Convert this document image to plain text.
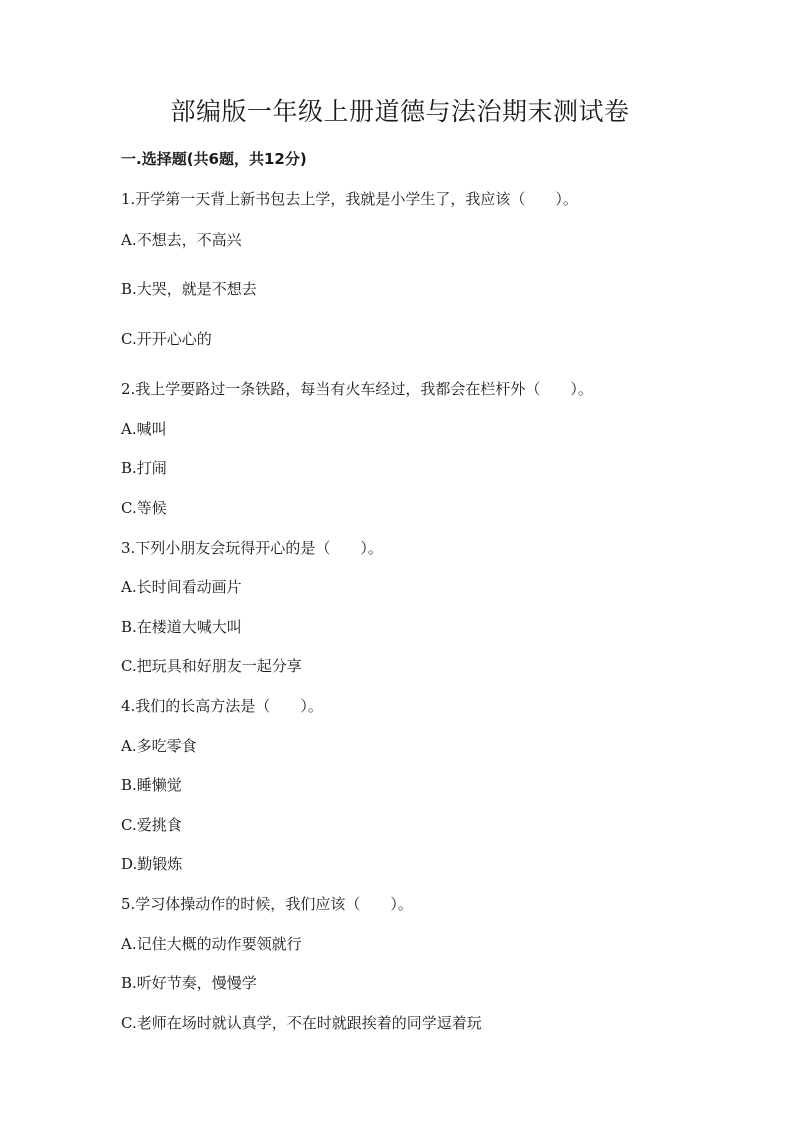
部编版一年级上册道德与法治期末测试卷
一.选择题(共6题，共12分)
1.开学第一天背上新书包去上学，我就是小学生了，我应该（　　）。
A.不想去，不高兴
B.大哭，就是不想去
C.开开心心的
2.我上学要路过一条铁路，每当有火车经过，我都会在栏杆外（　　）。
A.喊叫
B.打闹
C.等候
3.下列小朋友会玩得开心的是（　　）。
A.长时间看动画片
B.在楼道大喊大叫
C.把玩具和好朋友一起分享
4.我们的长高方法是（　　）。
A.多吃零食
B.睡懒觉
C.爱挑食
D.勤锻炼
5.学习体操动作的时候，我们应该（　　）。
A.记住大概的动作要领就行
B.听好节奏，慢慢学
C.老师在场时就认真学，不在时就跟挨着的同学逗着玩
